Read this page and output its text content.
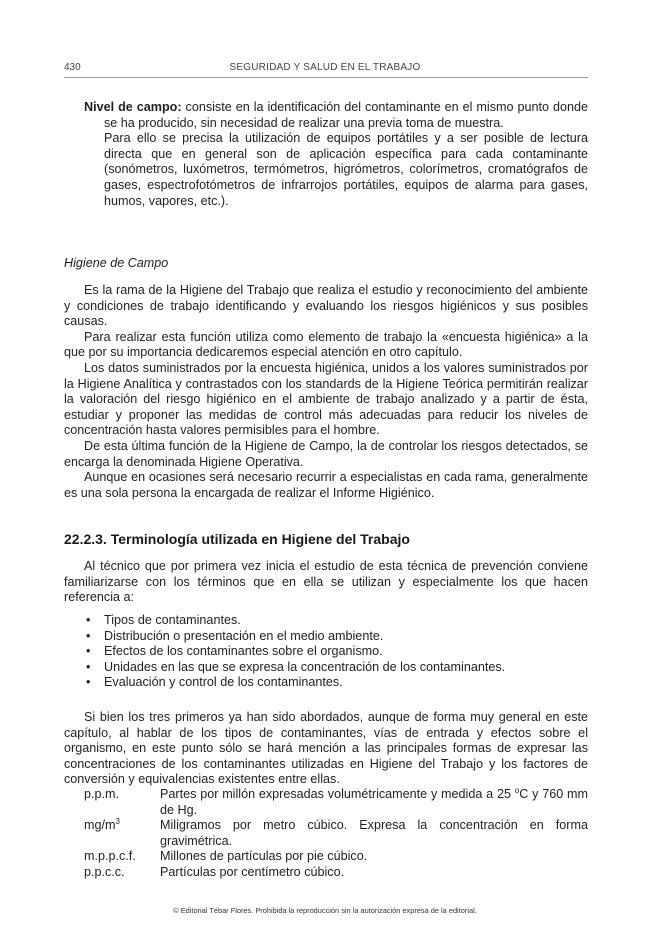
430	SEGURIDAD Y SALUD EN EL TRABAJO

Nivel de campo: consiste en la identificación del contaminante en el mismo punto donde se ha producido, sin necesidad de realizar una previa toma de muestra.

Para ello se precisa la utilización de equipos portátiles y a ser posible de lectura directa que en general son de aplicación específica para cada contaminante (sonómetros, luxómetros, termómetros, higrómetros, colorímetros, cromatógrafos de gases, espectrofotómetros de infrarrojos portátiles, equipos de alarma para gases, humos, vapores, etc.).

Higiene de Campo

Es la rama de la Higiene del Trabajo que realiza el estudio y reconocimiento del ambiente y condiciones de trabajo identificando y evaluando los riesgos higiénicos y sus posibles causas.

Para realizar esta función utiliza como elemento de trabajo la «encuesta higiénica» a la que por su importancia dedicaremos especial atención en otro capítulo.

Los datos suministrados por la encuesta higiénica, unidos a los valores suministrados por la Higiene Analítica y contrastados con los standards de la Higiene Teórica permitirán realizar la valoración del riesgo higiénico en el ambiente de trabajo analizado y a partir de ésta, estudiar y proponer las medidas de control más adecuadas para reducir los niveles de concentración hasta valores permisibles para el hombre.

De esta última función de la Higiene de Campo, la de controlar los riesgos detectados, se encarga la denominada Higiene Operativa.

Aunque en ocasiones será necesario recurrir a especialistas en cada rama, generalmente es una sola persona la encargada de realizar el Informe Higiénico.

22.2.3. Terminología utilizada en Higiene del Trabajo

Al técnico que por primera vez inicia el estudio de esta técnica de prevención conviene familiarizarse con los términos que en ella se utilizan y especialmente los que hacen referencia a:

• Tipos de contaminantes.
• Distribución o presentación en el medio ambiente.
• Efectos de los contaminantes sobre el organismo.
• Unidades en las que se expresa la concentración de los contaminantes.
• Evaluación y control de los contaminantes.

Si bien los tres primeros ya han sido abordados, aunque de forma muy general en este capítulo, al hablar de los tipos de contaminantes, vías de entrada y efectos sobre el organismo, en este punto sólo se hará mención a las principales formas de expresar las concentraciones de los contaminantes utilizadas en Higiene del Trabajo y los factores de conversión y equivalencias existentes entre ellas.

p.p.m.	Partes por millón expresadas volumétricamente y medida a 25 $^o$C y 760 mm de Hg.
$mg/m^3$	Miligramos por metro cúbico. Expresa la concentración en forma gravimétrica.
m.p.p.c.f. Millones de partículas por pie cúbico.
p.p.c.c.	Partículas por centímetro cúbico.
© Editorial Tébar Flores. Prohibida la reproducción sin la autorización expresa de la editorial.
